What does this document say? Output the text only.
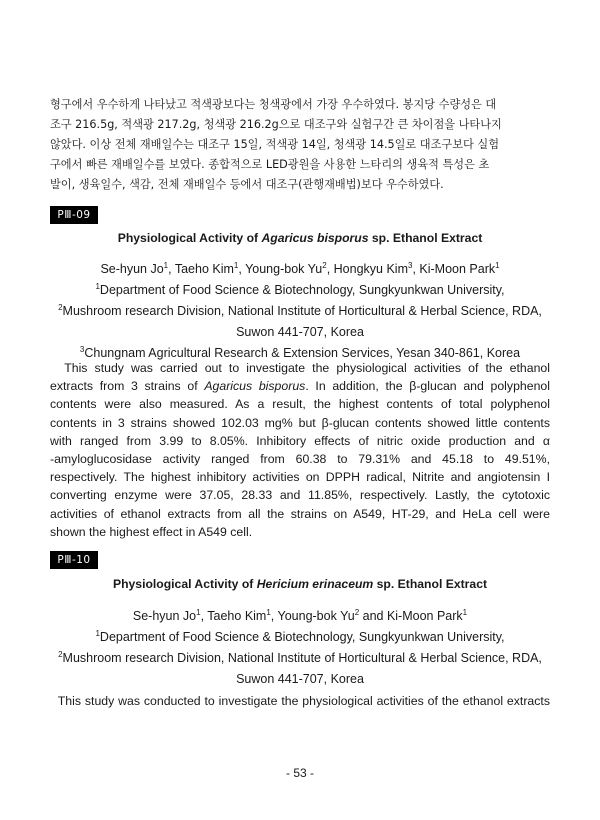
형구에서 우수하게 나타났고 적색광보다는 청색광에서 가장 우수하였다. 봉지당 수량성은 대

조구 216.5g, 적색광 217.2g, 청색광 216.2g으로 대조구와 실험구간 큰 차이점을 나타나지

않았다. 이상 전체 재배일수는 대조구 15일, 적색광 14일, 청색광 14.5일로 대조구보다 실험

구에서 빠른 재배일수를 보였다. 종합적으로 LED광원을 사용한 느타리의 생육적 특성은 초

발이, 생육일수, 색감, 전체 재배일수 등에서 대조구(관행재배법)보다 우수하였다.

PⅢ-09
Physiological Activity of Agaricus bisporus sp. Ethanol Extract

Se-hyun Jo$^1$, Taeho Kim$^1$, Young-bok Yu$^2$, Hongkyu Kim$^3$, Ki-Moon Park$^1$

$^1$Department of Food Science & Biotechnology, Sungkyunkwan University,

$^2$Mushroom research Division, National Institute of Horticultural & Herbal Science, RDA,

Suwon 441-707, Korea

$^3$Chungnam Agricultural Research & Extension Services, Yesan 340-861, Korea

This study was carried out to investigate the physiological activities of the ethanol

extracts from 3 strains of Agaricus bisporus. In addition, the β-glucan and polyphenol

contents were also measured. As a result, the highest contents of total polyphenol

contents in 3 strains showed 102.03 mg% but β-glucan contents showed little contents

with ranged from 3.99 to 8.05%. Inhibitory effects of nitric oxide production and α

-amyloglucosidase activity ranged from 60.38 to 79.31% and 45.18 to 49.51%,

respectively. The highest inhibitory activities on DPPH radical, Nitrite and angiotensin I

converting enzyme were 37.05, 28.33 and 11.85%, respectively. Lastly, the cytotoxic

activities of ethanol extracts from all the strains on A549, HT-29, and HeLa cell were

shown the highest effect in A549 cell.

PⅢ-10
Physiological Activity of Hericium erinaceum sp. Ethanol Extract

Se-hyun Jo$^1$, Taeho Kim$^1$, Young-bok Yu$^2$ and Ki-Moon Park$^1$

$^1$Department of Food Science & Biotechnology, Sungkyunkwan University,

$^2$Mushroom research Division, National Institute of Horticultural & Herbal Science, RDA,

Suwon 441-707, Korea

This study was conducted to investigate the physiological activities of the ethanol extracts

- 53 -
